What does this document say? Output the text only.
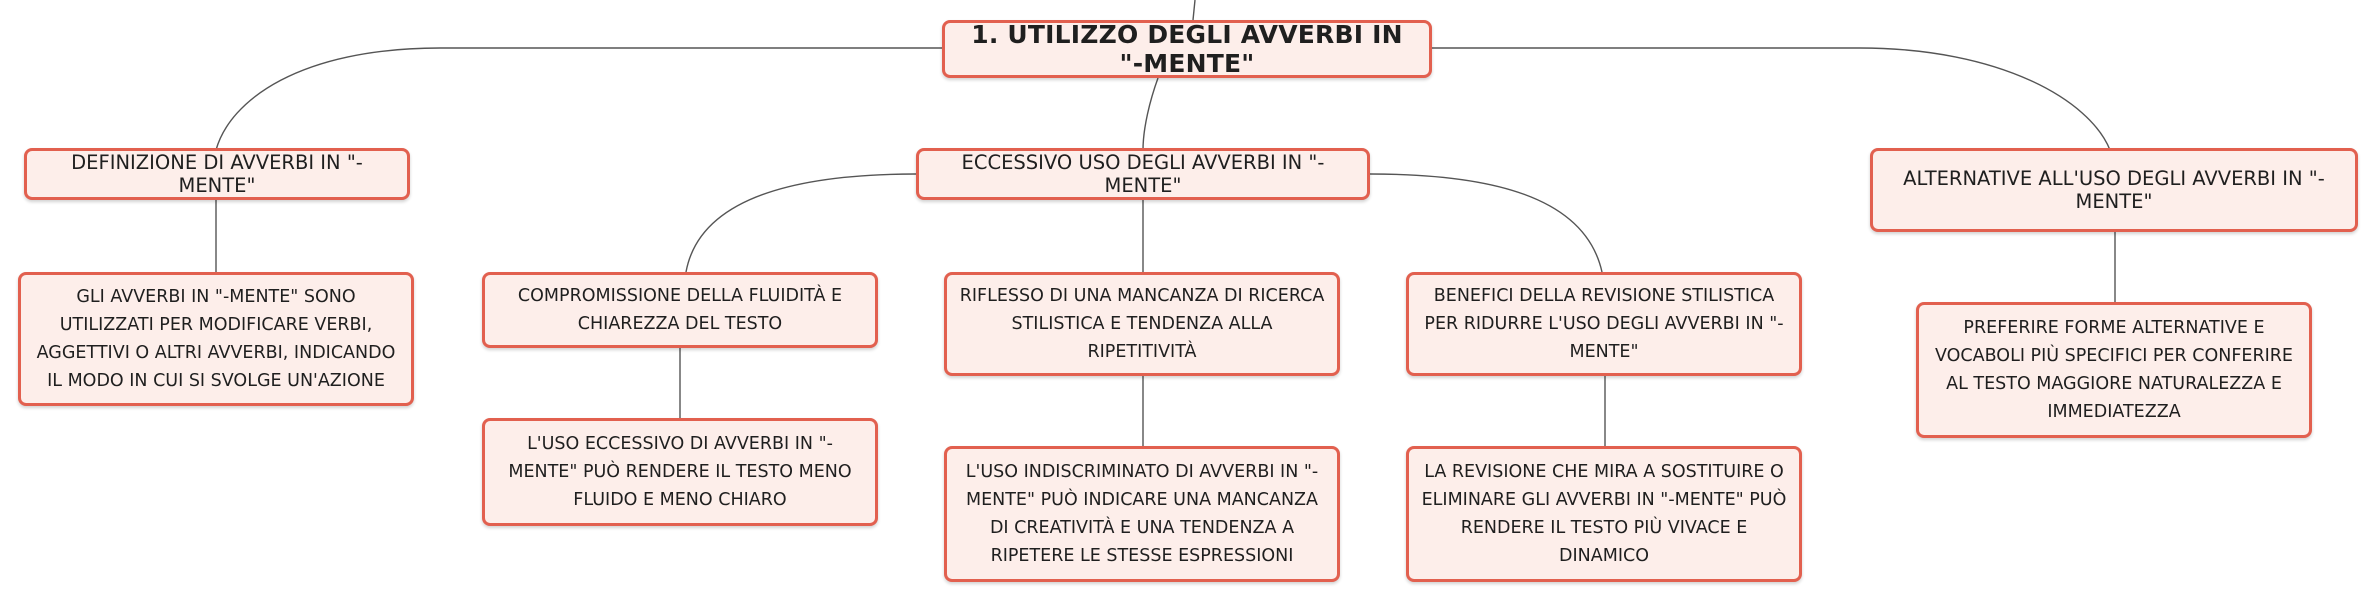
1. UTILIZZO DEGLI AVVERBI IN "-MENTE"
DEFINIZIONE DI AVVERBI IN "-MENTE"
ECCESSIVO USO DEGLI AVVERBI IN "-MENTE"	ALTERNATIVE ALL'USO DEGLI AVVERBI IN "-MENTE"
GLI AVVERBI IN "-MENTE" SONO UTILIZZATI PER MODIFICARE VERBI, AGGETTIVI O ALTRI AVVERBI, INDICANDO IL MODO IN CUI SI SVOLGE UN'AZIONE
COMPROMISSIONE DELLA FLUIDITÀ E CHIAREZZA DEL TESTO
RIFLESSO DI UNA MANCANZA DI RICERCA STILISTICA E TENDENZA ALLA RIPETITIVITÀ
BENEFICI DELLA REVISIONE STILISTICA PER RIDURRE L'USO DEGLI AVVERBI IN "-MENTE"
L'USO ECCESSIVO DI AVVERBI IN "-MENTE" PUÒ RENDERE IL TESTO MENO FLUIDO E MENO CHIARO
L'USO INDISCRIMINATO DI AVVERBI IN "-MENTE" PUÒ INDICARE UNA MANCANZA DI CREATIVITÀ E UNA TENDENZA A RIPETERE LE STESSE ESPRESSIONI
LA REVISIONE CHE MIRA A SOSTITUIRE O ELIMINARE GLI AVVERBI IN "-MENTE" PUÒ RENDERE IL TESTO PIÙ VIVACE E DINAMICO
PREFERIRE FORME ALTERNATIVE E VOCABOLI PIÙ SPECIFICI PER CONFERIRE AL TESTO MAGGIORE NATURALEZZA E IMMEDIATEZZA
